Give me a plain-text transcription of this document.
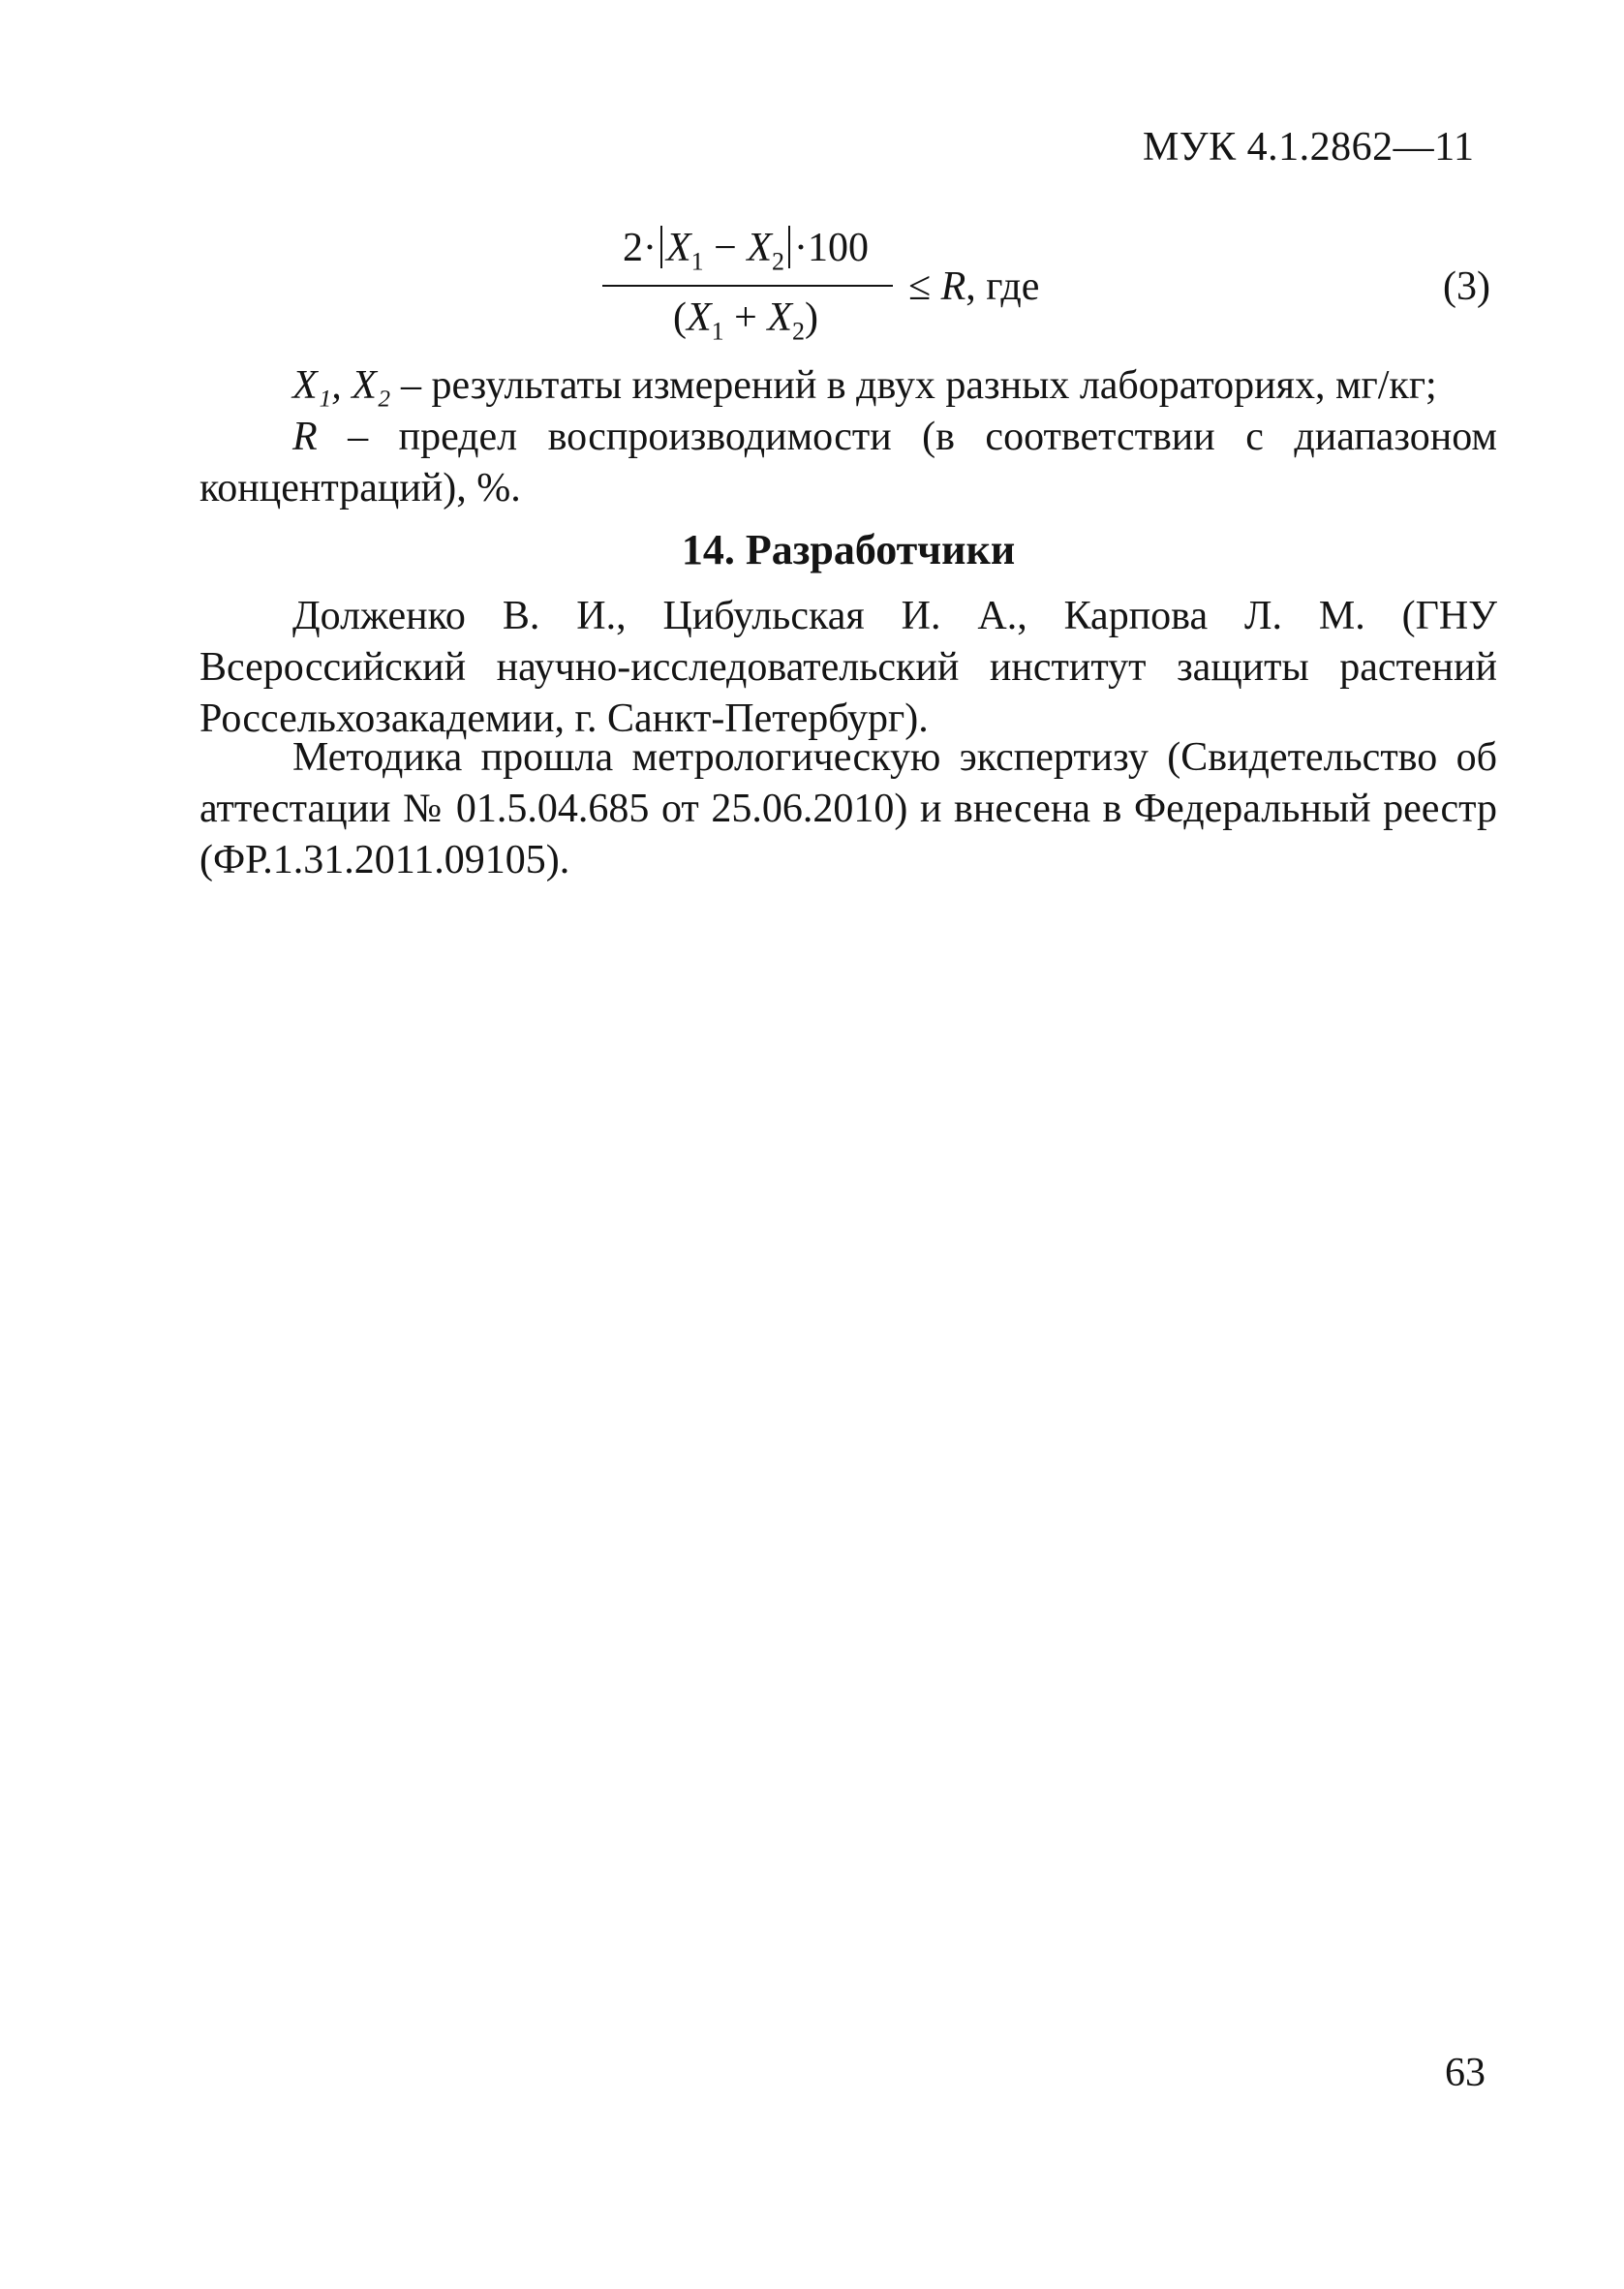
МУК 4.1.2862—11
$2\cdot X_1 - X_2 \cdot 100$
$(X_1 + X_2)$
≤ R, где	(3)
X₁, X₂ – результаты измерений в двух разных лабораториях, мг/кг;
R – предел воспроизводимости (в соответствии с диапазоном концентраций), %.
14. Разработчики
Долженко В. И., Цибульская И. А., Карпова Л. М. (ГНУ Всероссийский научно-исследовательский институт защиты растений Россельхозакадемии, г. Санкт-Петербург).
Методика прошла метрологическую экспертизу (Свидетельство об аттестации № 01.5.04.685 от 25.06.2010) и внесена в Федеральный реестр (ФР.1.31.2011.09105).
63
